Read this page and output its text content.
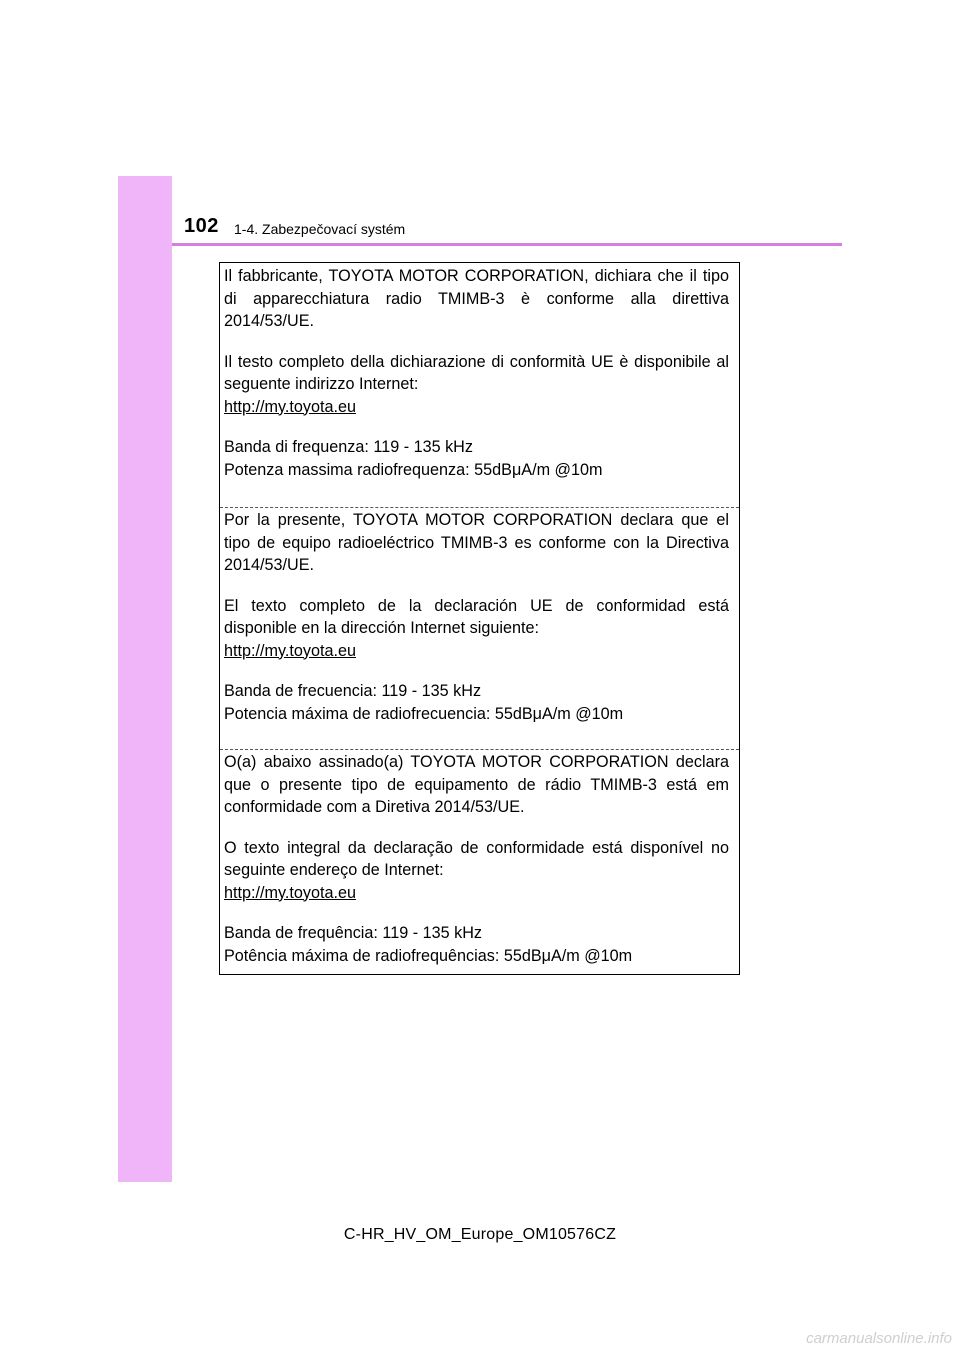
102 1-4. Zabezpečovací systém

Il fabbricante, TOYOTA MOTOR CORPORATION, dichiara che il tipo di apparecchiatura radio TMIMB-3 è conforme alla direttiva 2014/53/UE.

Il testo completo della dichiarazione di conformità UE è disponibile al seguente indirizzo Internet:

http://my.toyota.eu

Banda di frequenza: 119 - 135 kHz

Potenza massima radiofrequenza: 55dBμA/m @10m

Por la presente, TOYOTA MOTOR CORPORATION declara que el tipo de equipo radioeléctrico TMIMB-3 es conforme con la Directiva 2014/53/UE.

El texto completo de la declaración UE de conformidad está disponible en la dirección Internet siguiente:

http://my.toyota.eu

Banda de frecuencia: 119 - 135 kHz

Potencia máxima de radiofrecuencia: 55dBμA/m @10m

O(a) abaixo assinado(a) TOYOTA MOTOR CORPORATION declara que o presente tipo de equipamento de rádio TMIMB-3 está em conformidade com a Diretiva 2014/53/UE.

O texto integral da declaração de conformidade está disponível no seguinte endereço de Internet:

http://my.toyota.eu

Banda de frequência: 119 - 135 kHz

Potência máxima de radiofrequências: 55dBμA/m @10m

C-HR_HV_OM_Europe_OM10576CZ
carmanualsonline.info
